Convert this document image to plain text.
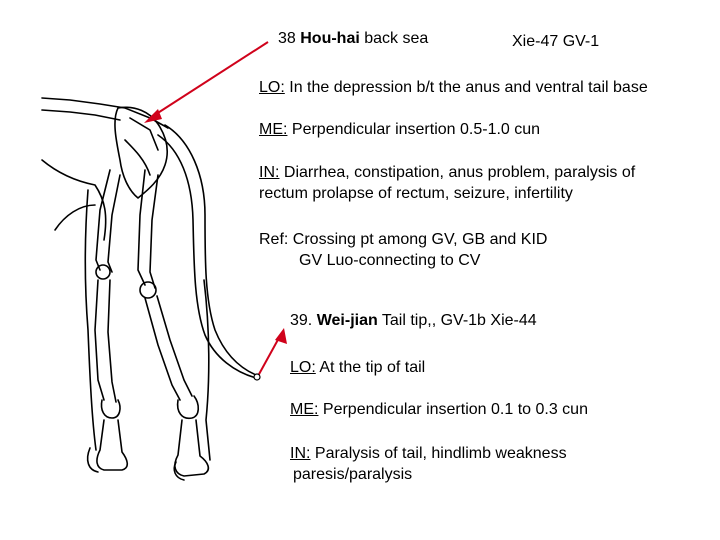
38 Hou-hai back sea	Xie-47 GV-1
LO: In the depression b/t the anus and ventral tail base
ME: Perpendicular insertion 0.5-1.0 cun
IN: Diarrhea, constipation, anus problem, paralysis of
rectum prolapse of rectum, seizure, infertility
Ref: Crossing pt among GV, GB and KID
GV Luo-connecting to CV
39. Wei-jian Tail tip,, GV-1b Xie-44
LO: At the tip of tail
ME: Perpendicular insertion 0.1 to 0.3 cun
IN: Paralysis of tail, hindlimb weakness
paresis/paralysis
